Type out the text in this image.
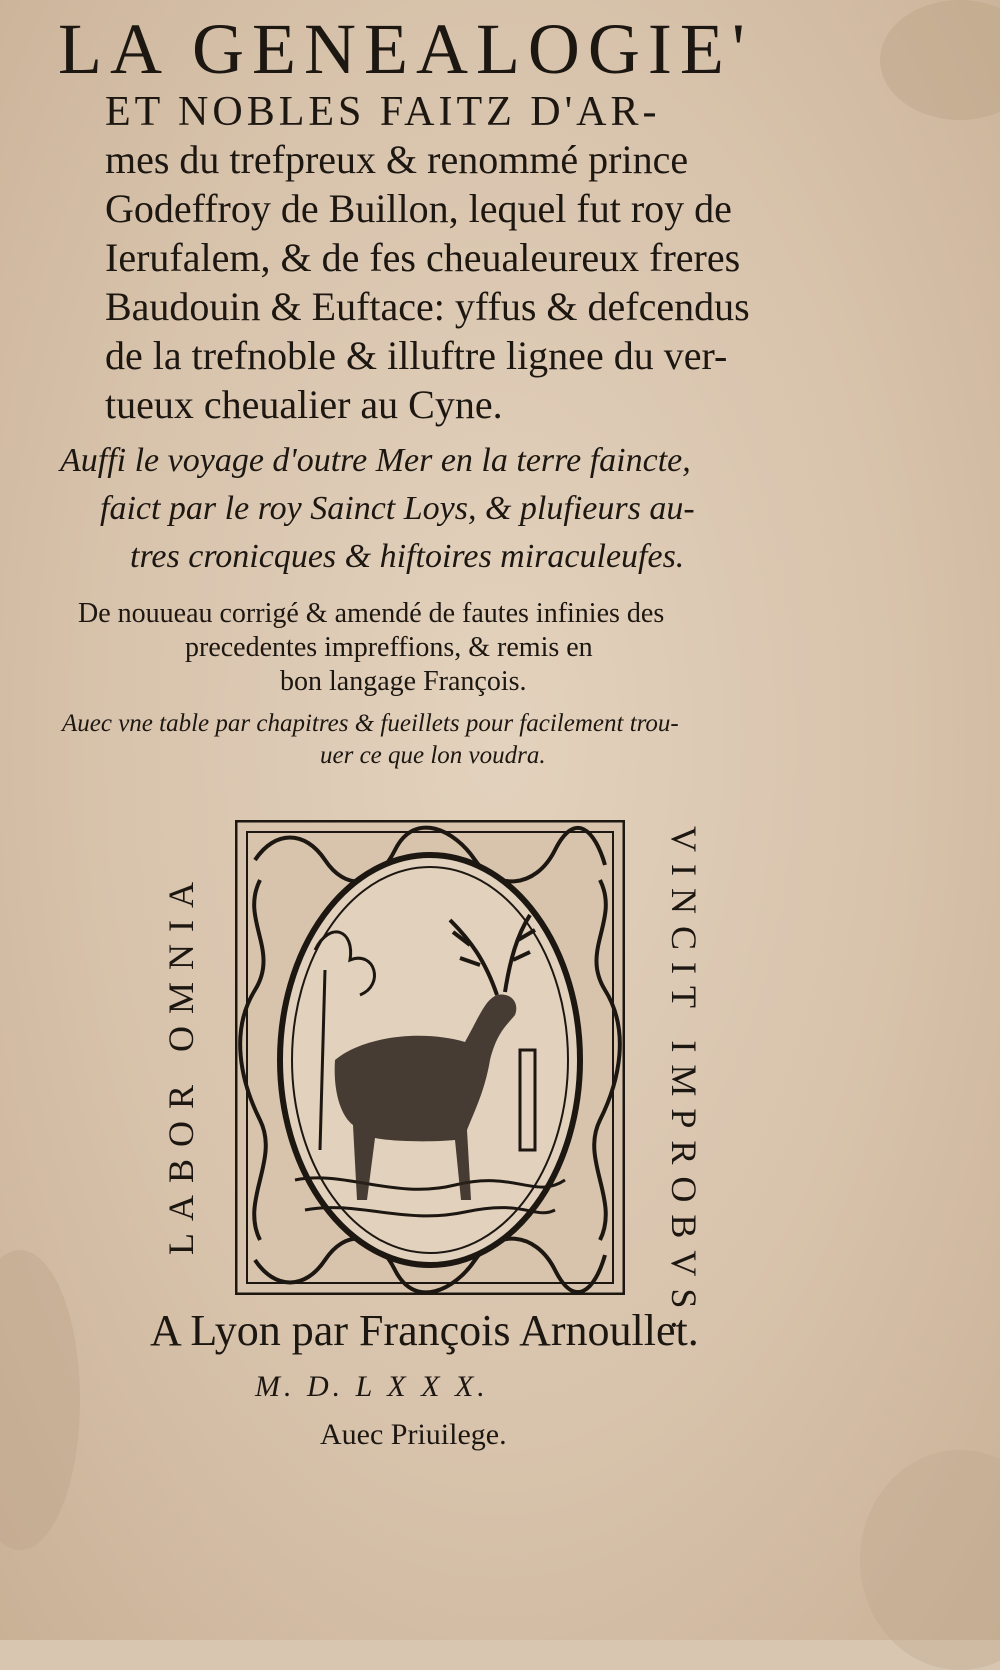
LA GENEALOGIE'
ET NOBLES FAITZ D'AR-
mes du trefpreux & renommé prince
Godeffroy de Buillon, lequel fut roy de
Ierufalem, & de fes cheualeureux freres
Baudouin & Euftace: yffus & defcendus
de la trefnoble & illuftre lignee du ver-
tueux cheualier au Cyne.
Auffi le voyage d'outre Mer en la terre faincte,
faict par le roy Sainct Loys, & plufieurs au-
tres cronicques & hiftoires miraculeufes.
De nouueau corrigé & amendé de fautes infinies des
precedentes impreffions, & remis en
bon langage François.
Auec vne table par chapitres & fueillets pour facilement trou-
uer ce que lon voudra.
LABOR OMNIA	VINCIT IMPROBVS.
A Lyon par François Arnoullet.
M. D. L X X X.
Auec Priuilege.
